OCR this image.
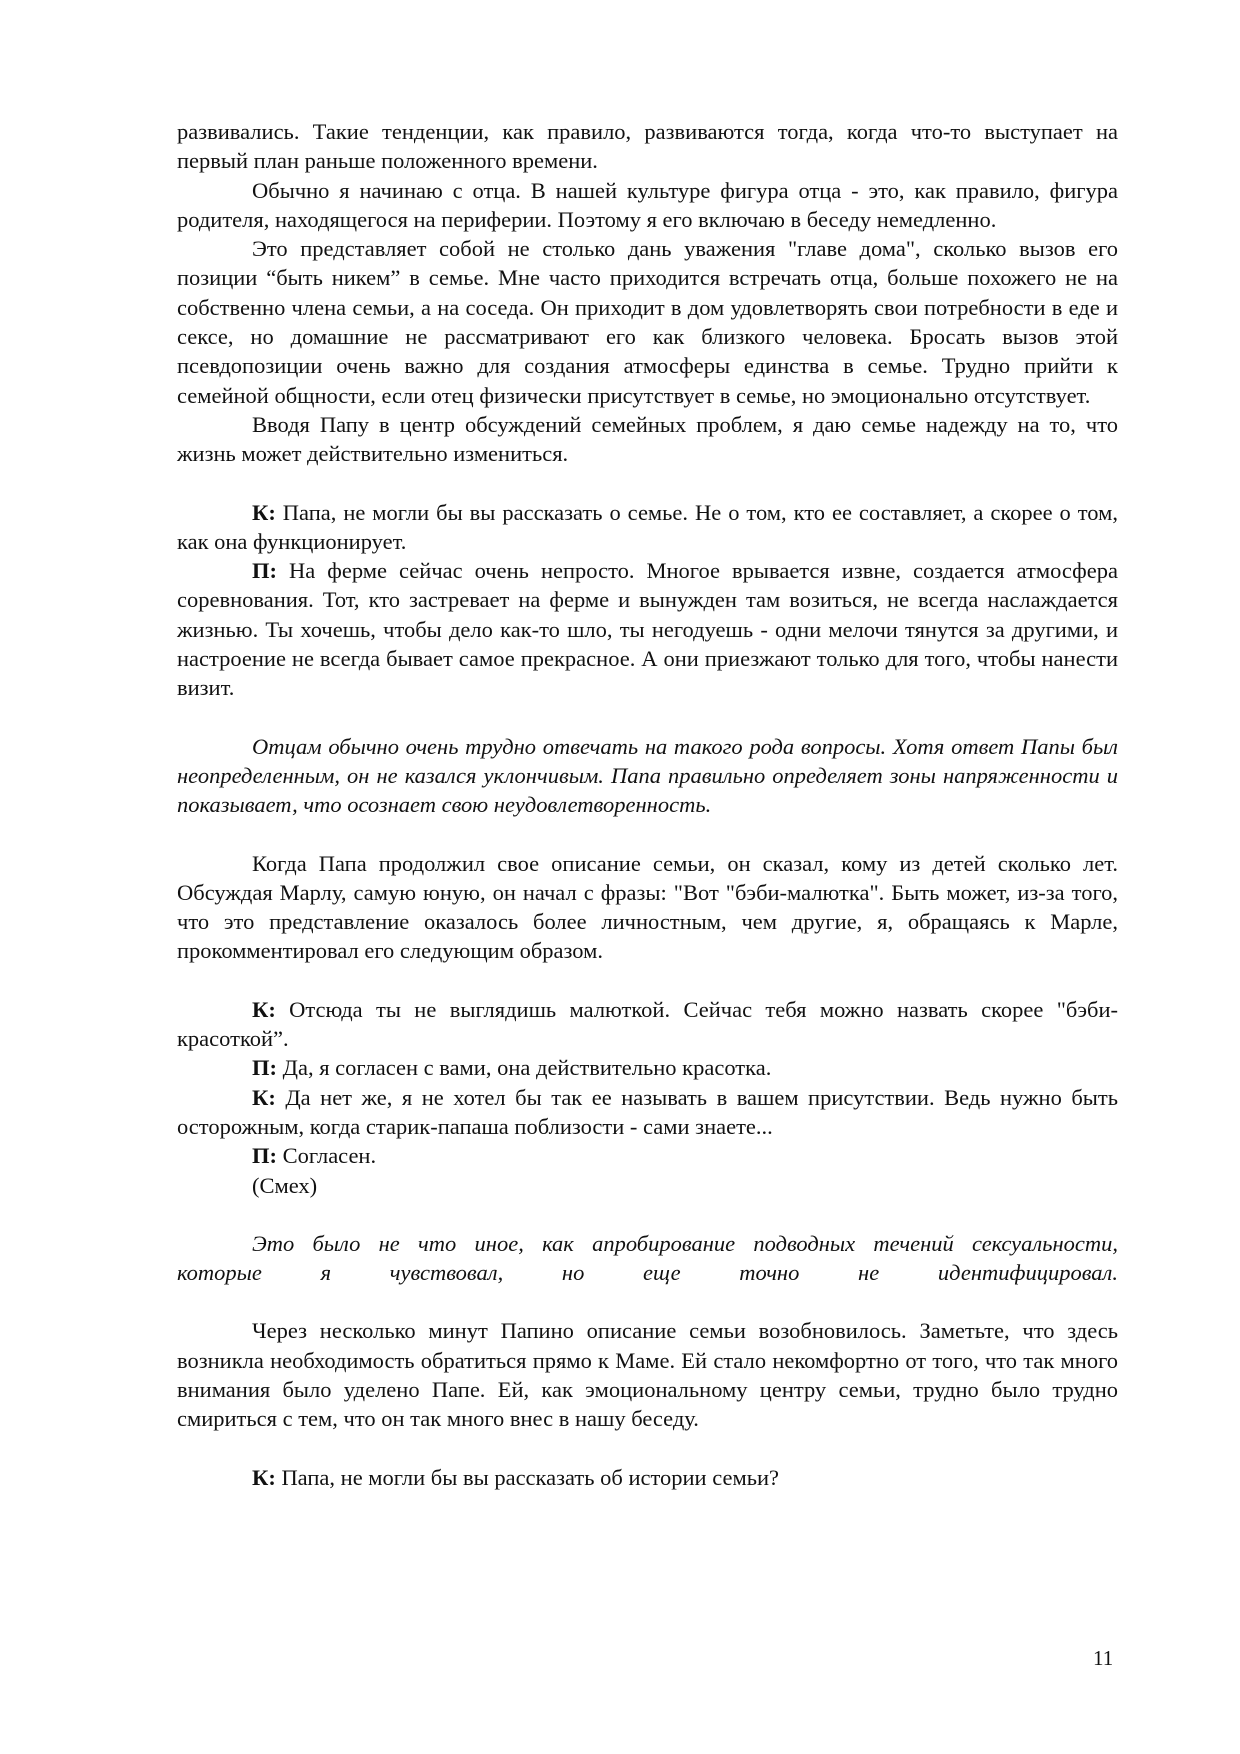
развивались. Такие тенденции, как правило, развиваются тогда, когда что-то выступает на первый план раньше положенного времени.

Обычно я начинаю с отца. В нашей культуре фигура отца - это, как правило, фигура родителя, находящегося на периферии. Поэтому я его включаю в беседу немедленно.

Это представляет собой не столько дань уважения "главе дома", сколько вызов его позиции “быть никем” в семье. Мне часто приходится встречать отца, больше похожего не на собственно члена семьи, а на соседа. Он приходит в дом удовлетворять свои потребности в еде и сексе, но домашние не рассматривают его как близкого человека. Бросать вызов этой псевдопозиции очень важно для создания атмосферы единства в семье. Трудно прийти к семейной общности, если отец физически присутствует в семье, но эмоционально отсутствует.

Вводя Папу в центр обсуждений семейных проблем, я даю семье надежду на то, что жизнь может действительно измениться.

К: Папа, не могли бы вы рассказать о семье. Не о том, кто ее составляет, а скорее о том, как она функционирует.

П: На ферме сейчас очень непросто. Многое врывается извне, создается атмосфера соревнования. Тот, кто застревает на ферме и вынужден там возиться, не всегда наслаждается жизнью. Ты хочешь, чтобы дело как-то шло, ты негодуешь - одни мелочи тянутся за другими, и настроение не всегда бывает самое прекрасное. А они приезжают только для того, чтобы нанести визит.

Отцам обычно очень трудно отвечать на такого рода вопросы. Хотя ответ Папы был неопределенным, он не казался уклончивым. Папа правильно определяет зоны напряженности и показывает, что осознает свою неудовлетворенность.

Когда Папа продолжил свое описание семьи, он сказал, кому из детей сколько лет. Обсуждая Марлу, самую юную, он начал с фразы: "Вот "бэби-малютка". Быть может, из-за того, что это представление оказалось более личностным, чем другие, я, обращаясь к Марле, прокомментировал его следующим образом.

К: Отсюда ты не выглядишь малюткой. Сейчас тебя можно назвать скорее "бэби-красоткой”.

П: Да, я согласен с вами, она действительно красотка.

К: Да нет же, я не хотел бы так ее называть в вашем присутствии. Ведь нужно быть осторожным, когда старик-папаша поблизости - сами знаете...

П: Согласен.

(Смех)

Это было не что иное, как апробирование подводных течений сексуальности,

которые я чувствовал, но еще точно не идентифицировал.

Через несколько минут Папино описание семьи возобновилось. Заметьте, что здесь возникла необходимость обратиться прямо к Маме. Ей стало некомфортно от того, что так много внимания было уделено Папе. Ей, как эмоциональному центру семьи, трудно было трудно смириться с тем, что он так много внес в нашу беседу.

К: Папа, не могли бы вы рассказать об истории семьи?

11
